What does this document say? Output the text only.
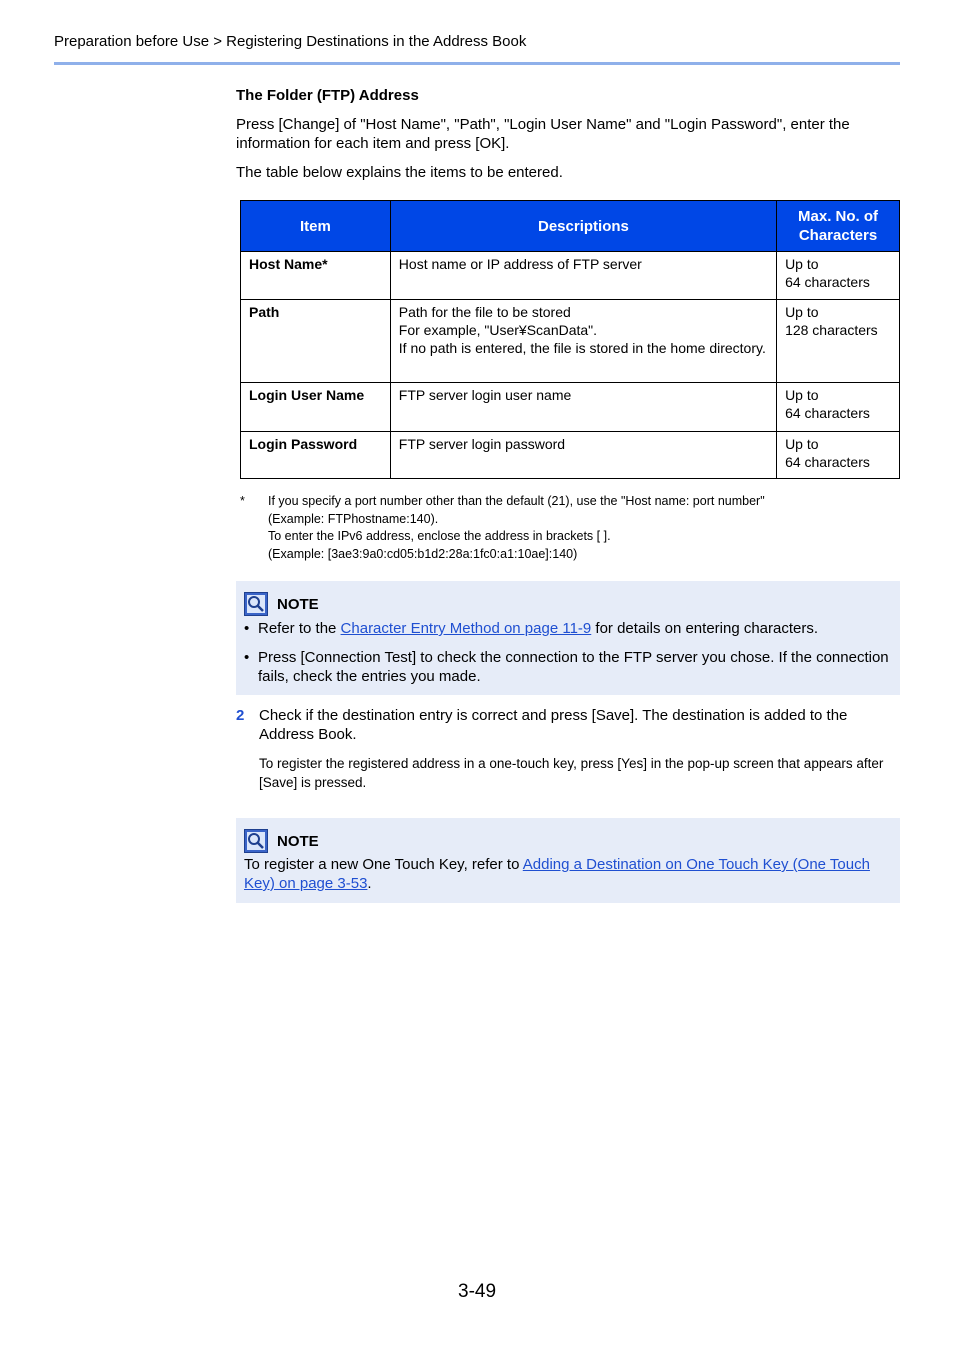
Preparation before Use > Registering Destinations in the Address Book

The Folder (FTP) Address

Press [Change] of "Host Name", "Path", "Login User Name" and "Login Password", enter the information for each item and press [OK].

The table below explains the items to be entered.

Item	Descriptions	Max. No. of Characters
Host Name*	Host name or IP address of FTP server	Up to
64 characters

Path	Path for the file to be stored
For example, "User¥ScanData".
If no path is entered, the file is stored in the home directory.	Up to
128 characters

Login User Name	FTP server login user name	Up to
64 characters

Login Password	FTP server login password	Up to
64 characters
* If you specify a port number other than the default (21), use the "Host name: port number"
(Example: FTPhostname:140).
To enter the IPv6 address, enclose the address in brackets [ ].
(Example: [3ae3:9a0:cd05:b1d2:28a:1fc0:a1:10ae]:140)
NOTE
• Refer to the Character Entry Method on page 11-9 for details on entering characters.
• Press [Connection Test] to check the connection to the FTP server you chose. If the connection fails, check the entries you made.
2 Check if the destination entry is correct and press [Save]. The destination is added to the Address Book.
To register the registered address in a one-touch key, press [Yes] in the pop-up screen that appears after [Save] is pressed.
NOTE
To register a new One Touch Key, refer to Adding a Destination on One Touch Key (One Touch Key) on page 3-53.
3-49
